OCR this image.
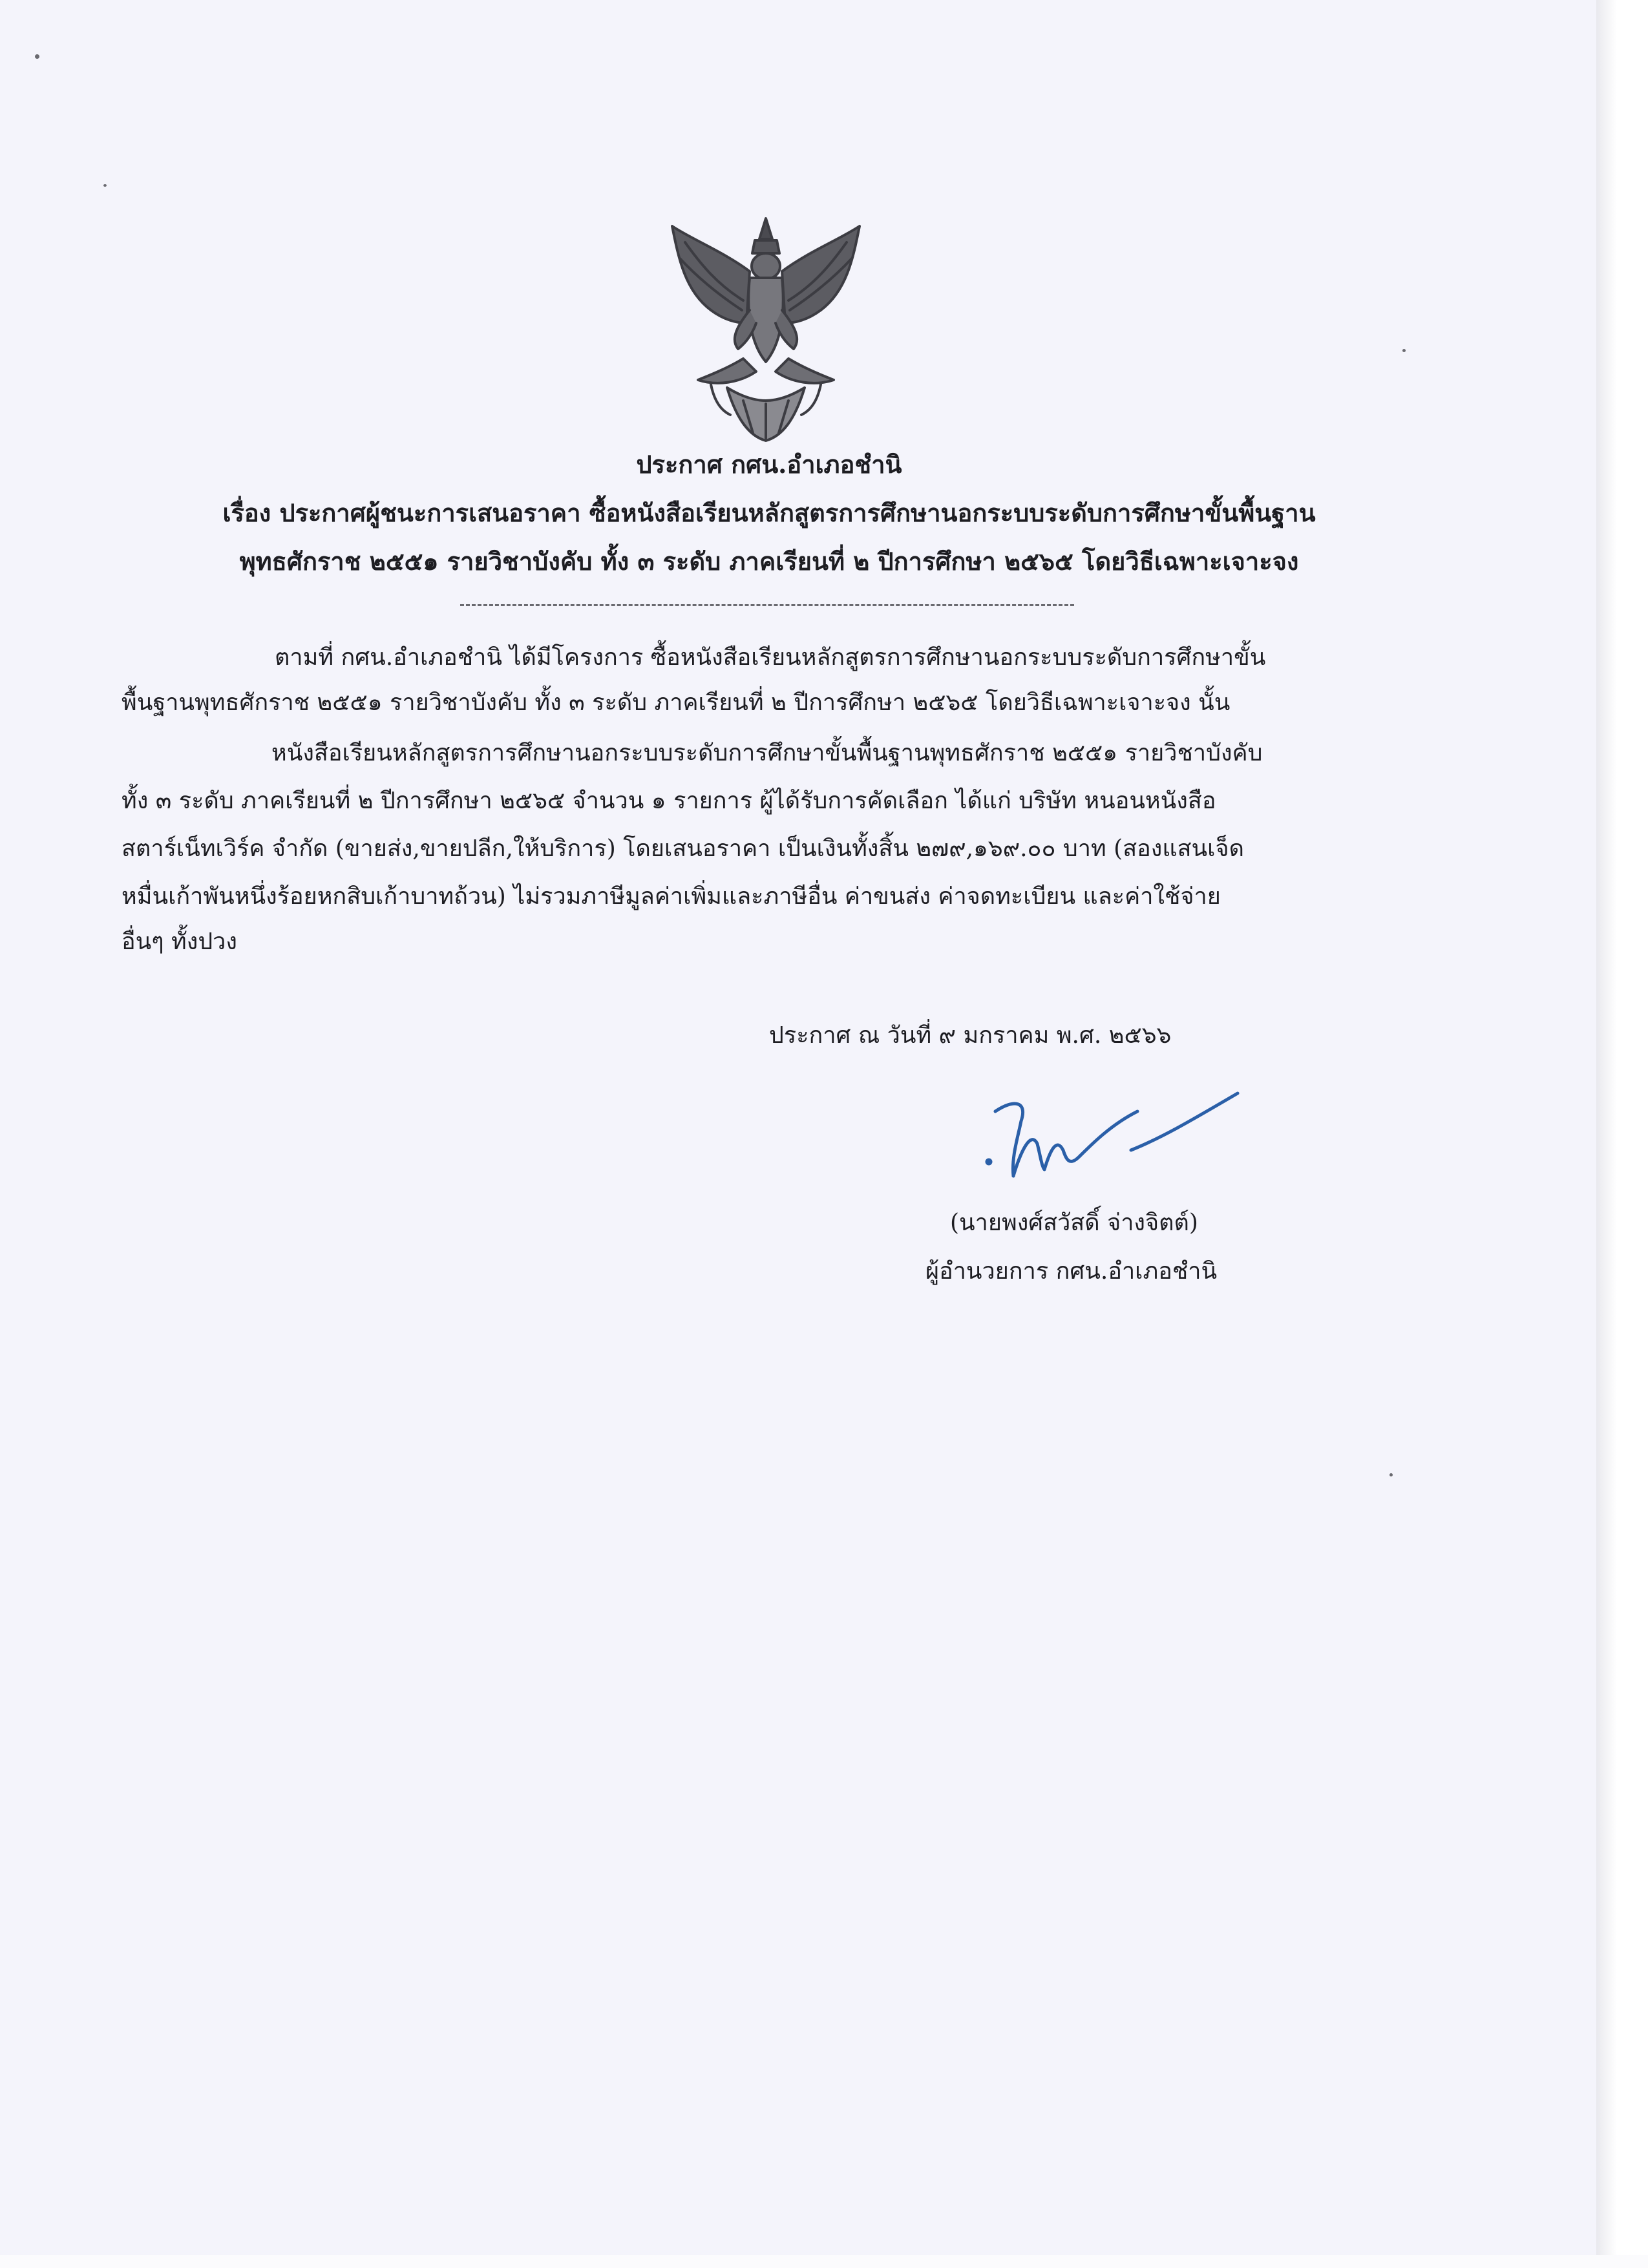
ประกาศ กศน.อำเภอชำนิ
เรื่อง ประกาศผู้ชนะการเสนอราคา ซื้อหนังสือเรียนหลักสูตรการศึกษานอกระบบระดับการศึกษาขั้นพื้นฐาน
พุทธศักราช ๒๕๕๑ รายวิชาบังคับ ทั้ง ๓ ระดับ ภาคเรียนที่ ๒ ปีการศึกษา ๒๕๖๕ โดยวิธีเฉพาะเจาะจง
ตามที่ กศน.อำเภอชำนิ ได้มีโครงการ ซื้อหนังสือเรียนหลักสูตรการศึกษานอกระบบระดับการศึกษาขั้น
พื้นฐานพุทธศักราช ๒๕๕๑ รายวิชาบังคับ ทั้ง ๓ ระดับ ภาคเรียนที่ ๒ ปีการศึกษา ๒๕๖๕ โดยวิธีเฉพาะเจาะจง นั้น
หนังสือเรียนหลักสูตรการศึกษานอกระบบระดับการศึกษาขั้นพื้นฐานพุทธศักราช ๒๕๕๑ รายวิชาบังคับ
ทั้ง ๓ ระดับ ภาคเรียนที่ ๒ ปีการศึกษา ๒๕๖๕ จำนวน ๑ รายการ ผู้ได้รับการคัดเลือก ได้แก่ บริษัท หนอนหนังสือ
สตาร์เน็ทเวิร์ค จำกัด (ขายส่ง,ขายปลีก,ให้บริการ) โดยเสนอราคา เป็นเงินทั้งสิ้น ๒๗๙,๑๖๙.๐๐ บาท (สองแสนเจ็ด
หมื่นเก้าพันหนึ่งร้อยหกสิบเก้าบาทถ้วน) ไม่รวมภาษีมูลค่าเพิ่มและภาษีอื่น ค่าขนส่ง ค่าจดทะเบียน และค่าใช้จ่าย
อื่นๆ ทั้งปวง
ประกาศ ณ วันที่ ๙ มกราคม พ.ศ. ๒๕๖๖
(นายพงศ์สวัสดิ์ จ่างจิตต์)
ผู้อำนวยการ กศน.อำเภอชำนิ
